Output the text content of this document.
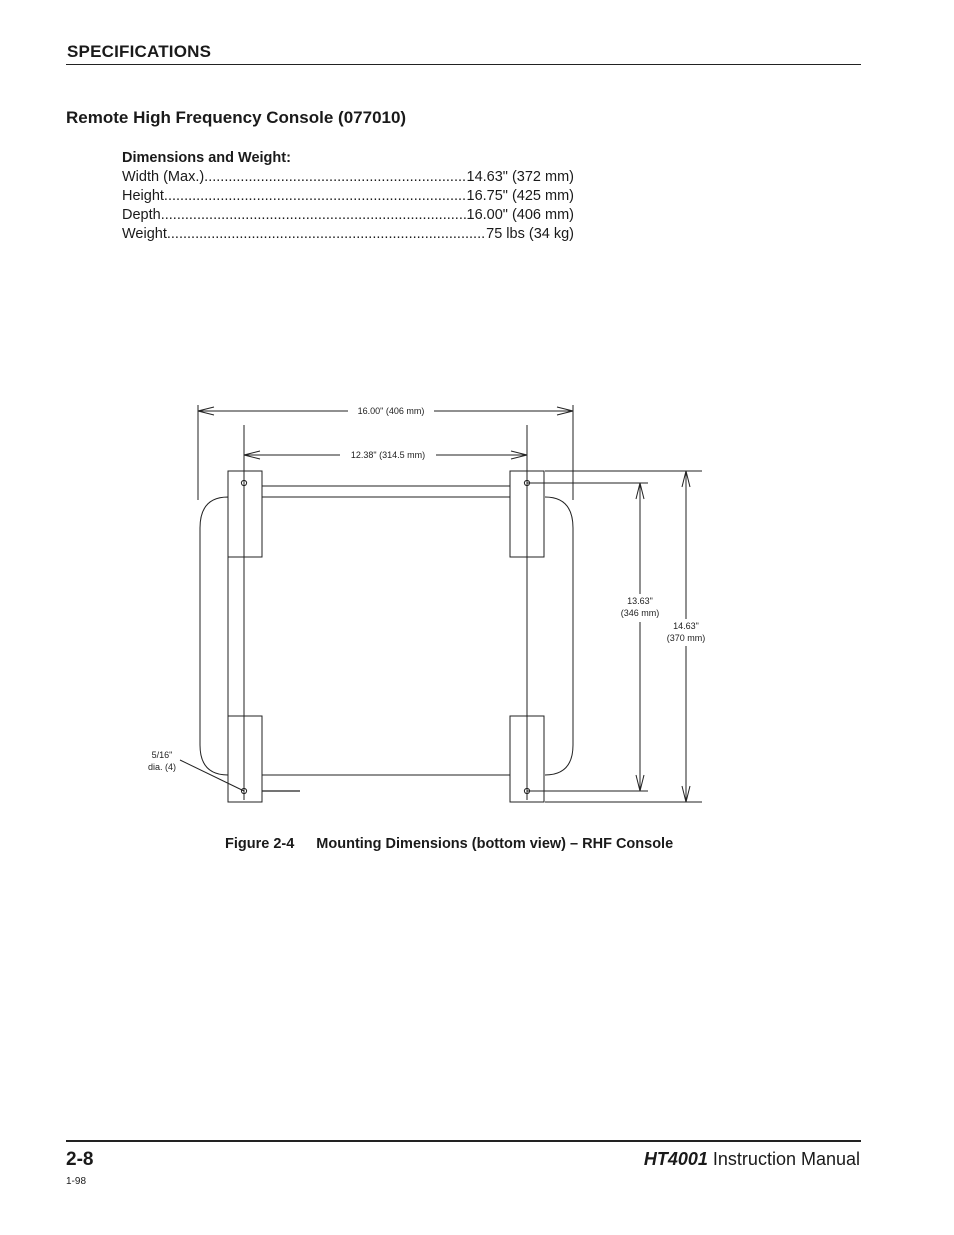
SPECIFICATIONS
Remote High Frequency Console (077010)
Dimensions and Weight:
Width (Max.) .....	14.63" (372 mm)
Height .....	16.75" (425 mm)
Depth .....	16.00" (406 mm)
Weight .....	75 lbs (34 kg)
16.00" (406 mm)
12.38" (314.5 mm)
13.63"
(346 mm)
14.63"
(370 mm)
5/16"
dia. (4)
Figure 2-4 Mounting Dimensions (bottom view) – RHF Console
2-8
1-98
HT4001 Instruction Manual
